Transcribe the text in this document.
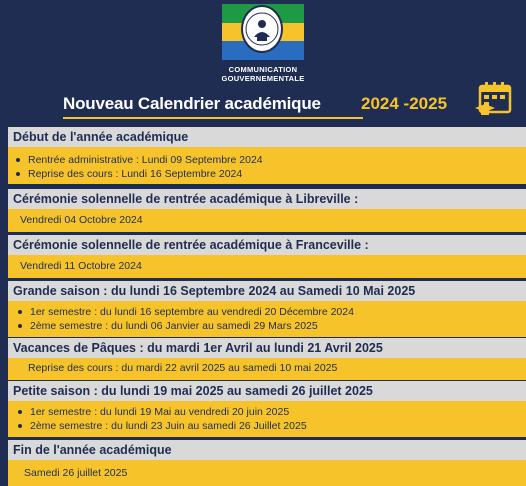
COMMUNICATION
GOUVERNEMENTALE
Nouveau Calendrier académique 2024 -2025
Début de l'année académique
Rentrée administrative : Lundi 09 Septembre 2024
Reprise des cours : Lundi 16 Septembre 2024
Cérémonie solennelle de rentrée académique à Libreville :
Vendredi 04 Octobre 2024
Cérémonie solennelle de rentrée académique à Franceville :
Vendredi 11 Octobre 2024
Grande saison : du lundi 16 Septembre 2024 au Samedi 10 Mai 2025
1er semestre : du lundi 16 septembre au vendredi 20 Décembre 2024
2ème semestre : du lundi 06 Janvier au samedi 29 Mars 2025
Vacances de Pâques : du mardi 1er Avril au lundi 21 Avril 2025
Reprise des cours : du mardi 22 avril 2025 au samedi 10 mai 2025
Petite saison : du lundi 19 mai 2025 au samedi 26 juillet 2025
1er semestre : du lundi 19 Mai au vendredi 20 juin 2025
2ème semestre : du lundi 23 Juin au samedi 26 Juillet 2025
Fin de l'année académique
Samedi 26 juillet 2025
